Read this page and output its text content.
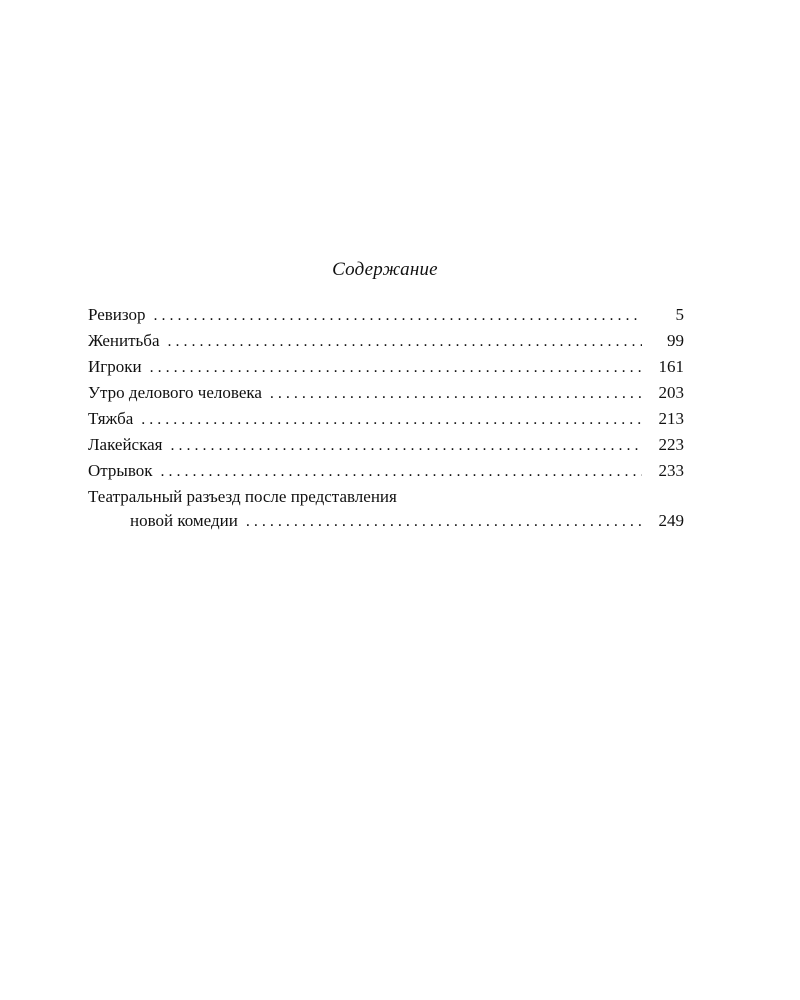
Содержание
Ревизор . . .	5
Женитьба . . .	99
Игроки . . .	161
Утро делового человека . . .	203
Тяжба . . .	213
Лакейская . . .	223
Отрывок . . .	233
Театральный разъезд после представления
новой комедии . . .	249
